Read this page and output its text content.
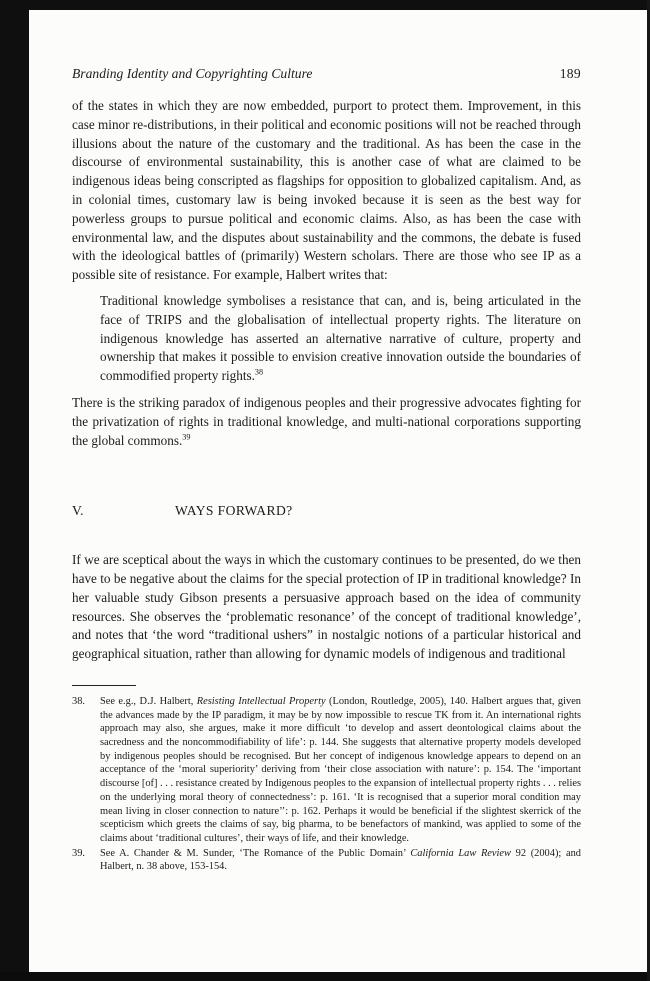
Branding Identity and Copyrighting Culture	189

of the states in which they are now embedded, purport to protect them. Improvement, in this case minor re-distributions, in their political and economic positions will not be reached through illusions about the nature of the customary and the traditional. As has been the case in the discourse of environmental sustainability, this is another case of what are claimed to be indigenous ideas being conscripted as flagships for opposition to globalized capitalism. And, as in colonial times, customary law is being invoked because it is seen as the best way for powerless groups to pursue political and economic claims. Also, as has been the case with environmental law, and the disputes about sustainability and the commons, the debate is fused with the ideological battles of (primarily) Western scholars. There are those who see IP as a possible site of resistance. For example, Halbert writes that:

Traditional knowledge symbolises a resistance that can, and is, being articulated in the face of TRIPS and the globalisation of intellectual property rights. The literature on indigenous knowledge has asserted an alternative narrative of culture, property and ownership that makes it possible to envision creative innovation outside the boundaries of commodified property rights.$^{38}$

There is the striking paradox of indigenous peoples and their progressive advocates fighting for the privatization of rights in traditional knowledge, and multi-national corporations supporting the global commons.$^{39}$

V.	WAYS FORWARD?

If we are sceptical about the ways in which the customary continues to be presented, do we then have to be negative about the claims for the special protection of IP in traditional knowledge? In her valuable study Gibson presents a persuasive approach based on the idea of community resources. She observes the ‘problematic resonance’ of the concept of traditional knowledge’, and notes that ‘the word “traditional ushers” in nostalgic notions of a particular historical and geographical situation, rather than allowing for dynamic models of indigenous and traditional

38.	See e.g., D.J. Halbert, Resisting Intellectual Property (London, Routledge, 2005), 140. Halbert argues that, given the advances made by the IP paradigm, it may be by now impossible to rescue TK from it. An international rights approach may also, she argues, make it more difficult ‘to develop and assert deontological claims about the sacredness and the noncommodifiability of life’: p. 144. She suggests that alternative property models developed by indigenous peoples should be recognised. But her concept of indigenous knowledge appears to depend on an acceptance of the ‘moral superiority’ deriving from ‘their close association with nature’: p. 154. The ‘important discourse [of] . . . resistance created by Indigenous peoples to the expansion of intellectual property rights . . . relies on the underlying moral theory of connectedness’: p. 161. ‘It is recognised that a superior moral condition may mean living in closer connection to nature’’: p. 162. Perhaps it would be beneficial if the slightest skerrick of the scepticism which greets the claims of say, big pharma, to be benefactors of mankind, was applied to some of the claims about ‘traditional cultures’, their ways of life, and their knowledge.
39.	See A. Chander & M. Sunder, ‘The Romance of the Public Domain’ California Law Review 92 (2004); and Halbert, n. 38 above, 153-154.
